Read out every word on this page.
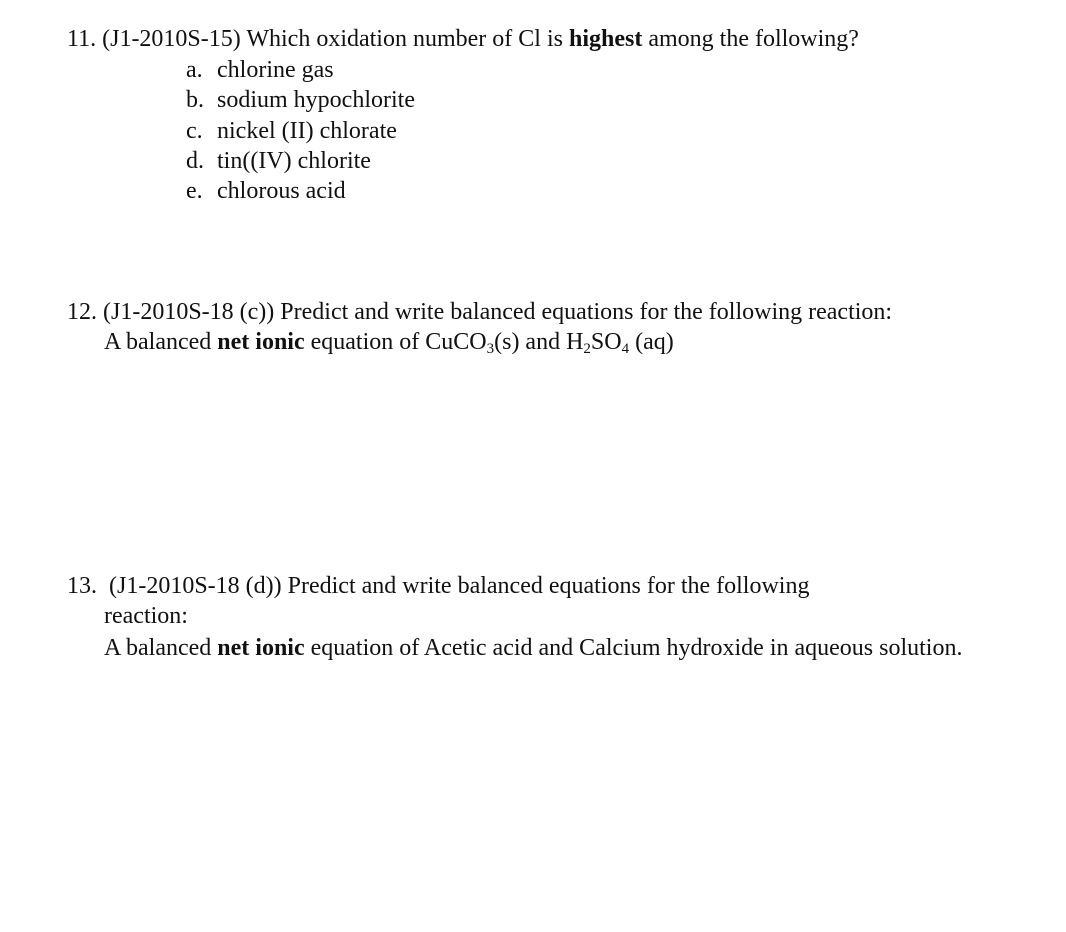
11. (J1-2010S-15) Which oxidation number of Cl is highest among the following?
a. chlorine gas
b. sodium hypochlorite
c. nickel (II) chlorate
d. tin((IV) chlorite
e. chlorous acid
12. (J1-2010S-18 (c)) Predict and write balanced equations for the following reaction:
A balanced net ionic equation of CuCO$_3$(s) and $H_2SO_4$ (aq)
13. (J1-2010S-18 (d)) Predict and write balanced equations for the following
reaction:
A balanced net ionic equation of Acetic acid and Calcium hydroxide in aqueous solution.
